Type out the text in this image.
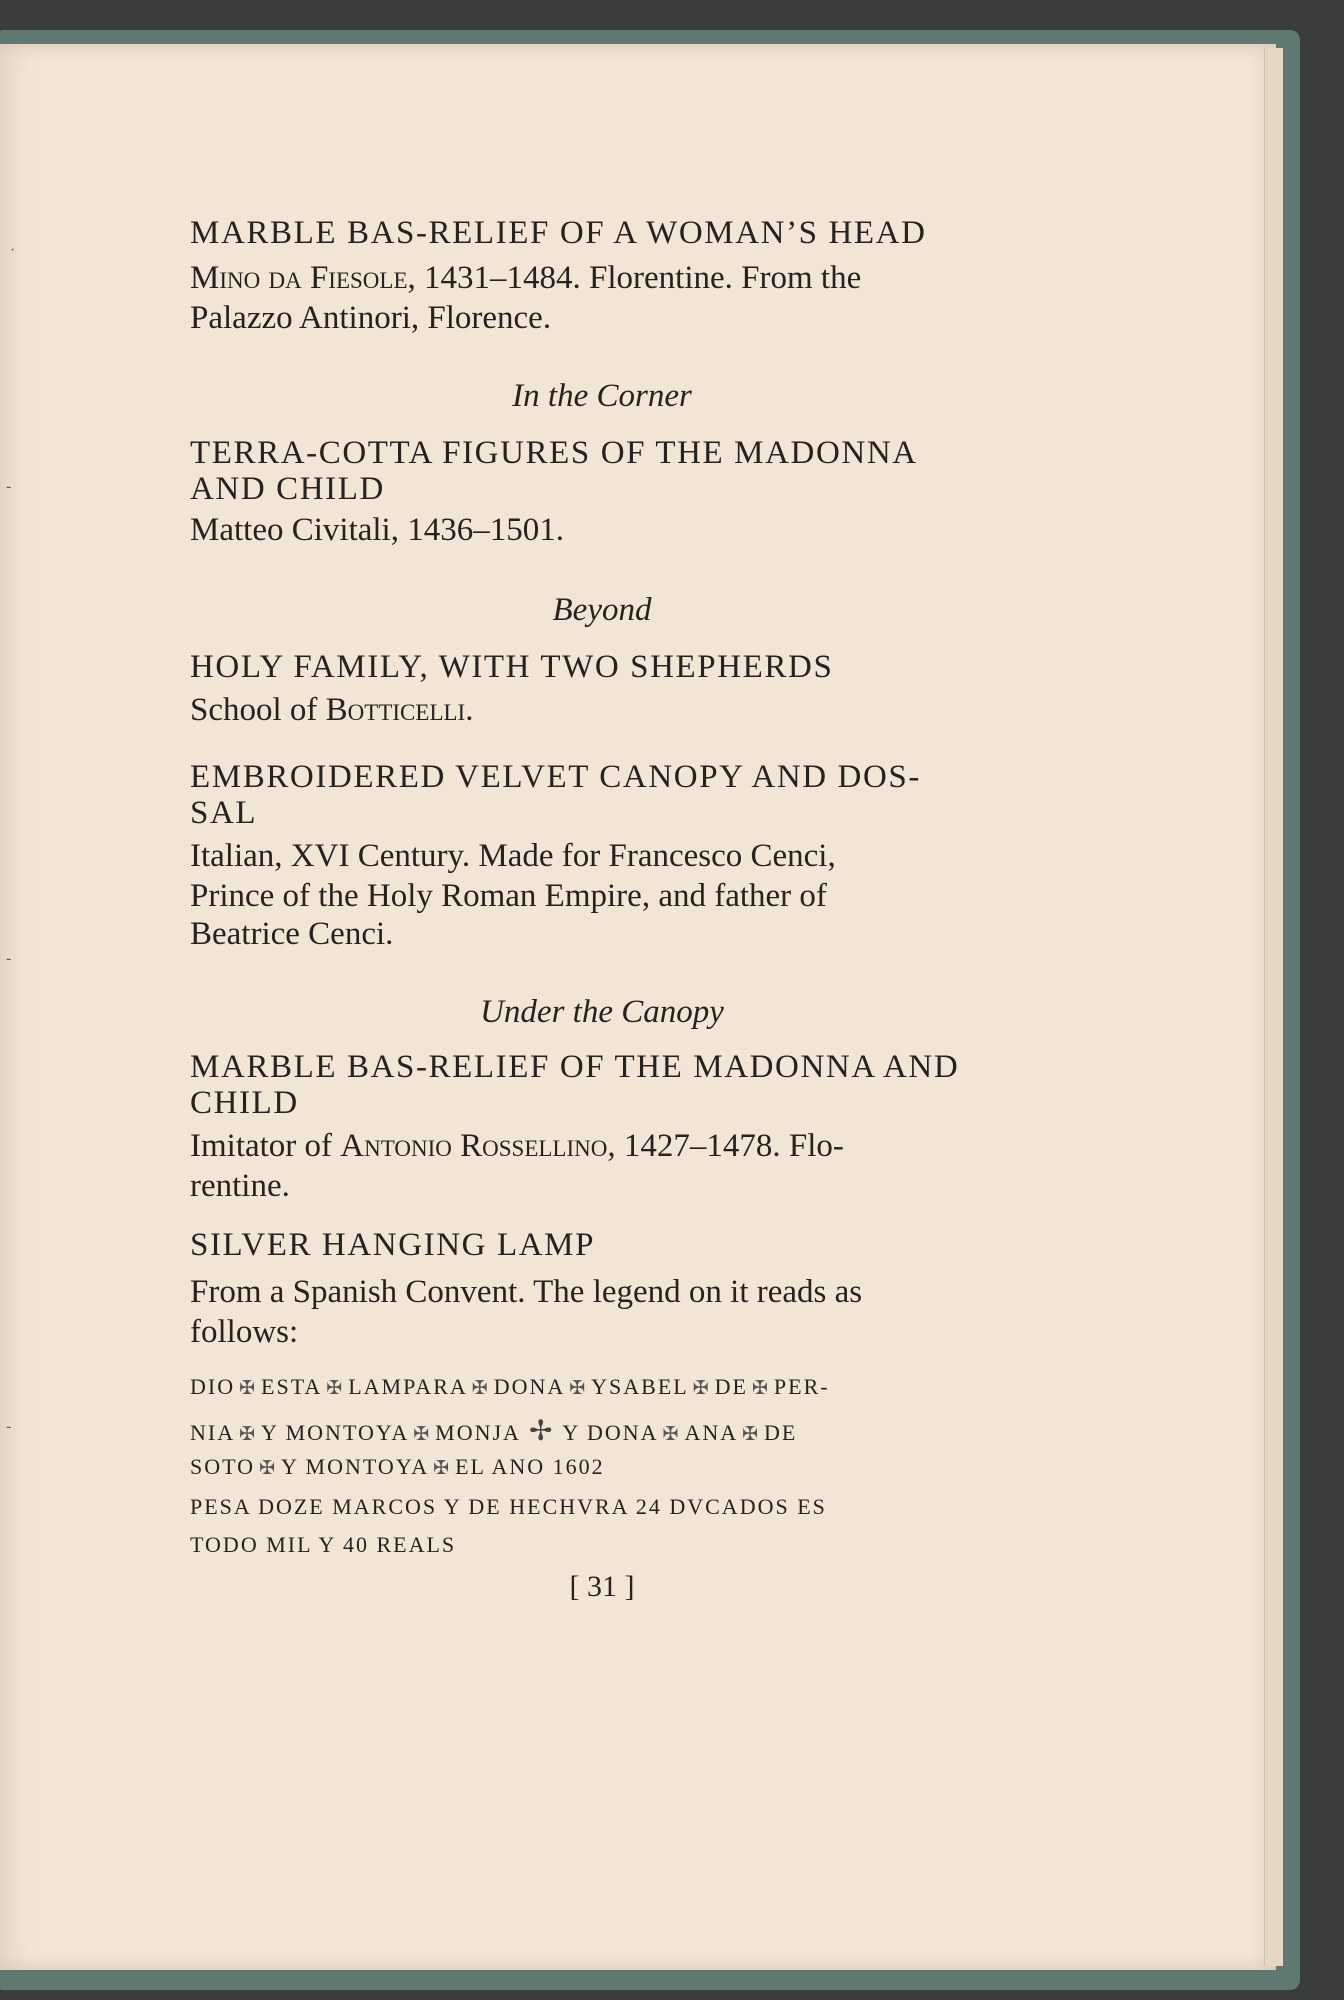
·
‑
‑
‑
MARBLE BAS-RELIEF OF A WOMAN’S HEAD
Mino da Fiesole, 1431–1484. Florentine. From the
Palazzo Antinori, Florence.
In the Corner
TERRA-COTTA FIGURES OF THE MADONNA
AND CHILD
Matteo Civitali, 1436–1501.
Beyond
HOLY FAMILY, WITH TWO SHEPHERDS
School of Botticelli.
EMBROIDERED VELVET CANOPY AND DOS-
SAL
Italian, XVI Century. Made for Francesco Cenci,
Prince of the Holy Roman Empire, and father of
Beatrice Cenci.
Under the Canopy
MARBLE BAS-RELIEF OF THE MADONNA AND
CHILD
Imitator of Antonio Rossellino, 1427–1478. Flo-
rentine.
SILVER HANGING LAMP
From a Spanish Convent. The legend on it reads as
follows:
DIO ✠ ESTA ✠ LAMPARA ✠ DONA ✠ YSABEL ✠ DE ✠ PER-
NIA ✠ Y MONTOYA ✠ MONJA ✢ Y DONA ✠ ANA ✠ DE
SOTO ✠ Y MONTOYA ✠ EL ANO 1602
PESA DOZE MARCOS Y DE HECHVRA 24 DVCADOS ES
TODO MIL Y 40 REALS
[ 31 ]
